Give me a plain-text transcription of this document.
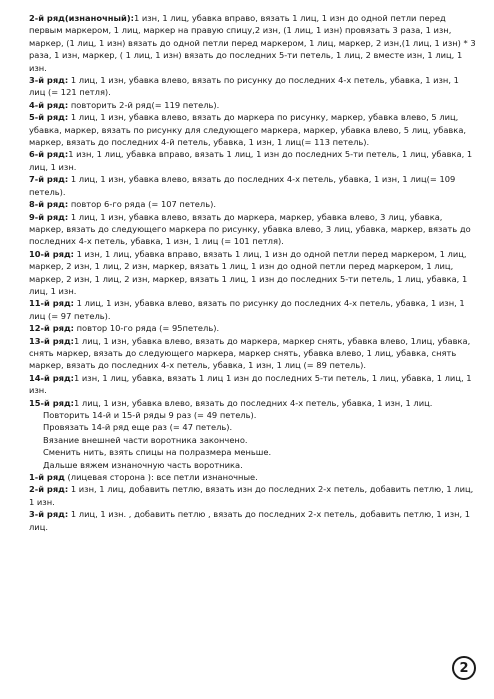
2-й ряд(изнаночный):1 изн, 1 лиц, убавка вправо, вязать 1 лиц, 1 изн до одной петли перед первым маркером, 1 лиц, маркер на правую спицу,2 изн, (1 лиц, 1 изн) провязать 3 раза, 1 изн, маркер, (1 лиц, 1 изн) вязать до одной петли перед маркером, 1 лиц, маркер, 2 изн,(1 лиц, 1 изн) * 3 раза, 1 изн, маркер, ( 1 лиц, 1 изн) вязать до последних 5-ти петель, 1 лиц, 2 вместе изн, 1 лиц, 1 изн.

3-й ряд: 1 лиц, 1 изн, убавка влево, вязать по рисунку до последних 4-х петель, убавка, 1 изн, 1 лиц (= 121 петля).

4-й ряд: повторить 2-й ряд(= 119 петель).

5-й ряд: 1 лиц, 1 изн, убавка влево, вязать до маркера по рисунку, маркер, убавка влево, 5 лиц, убавка, маркер, вязать по рисунку для следующего маркера, маркер, убавка влево, 5 лиц, убавка, маркер, вязать до последних 4-й петель, убавка, 1 изн, 1 лиц(= 113 петель).

6-й ряд:1 изн, 1 лиц, убавка вправо, вязать 1 лиц, 1 изн до последних 5-ти петель, 1 лиц, убавка, 1 лиц, 1 изн.

7-й ряд: 1 лиц, 1 изн, убавка влево, вязать до последних 4-х петель, убавка, 1 изн, 1 лиц(= 109 петель).

8-й ряд: повтор 6-го ряда (= 107 петель).

9-й ряд: 1 лиц, 1 изн, убавка влево, вязать до маркера, маркер, убавка влево, 3 лиц, убавка, маркер, вязать до следующего маркера по рисунку, убавка влево, 3 лиц, убавка, маркер, вязать до последних 4-х петель, убавка, 1 изн, 1 лиц (= 101 петля).

10-й ряд: 1 изн, 1 лиц, убавка вправо, вязать 1 лиц, 1 изн до одной петли перед маркером, 1 лиц, маркер, 2 изн, 1 лиц, 2 изн, маркер, вязать 1 лиц, 1 изн до одной петли перед маркером, 1 лиц, маркер, 2 изн, 1 лиц, 2 изн, маркер, вязать 1 лиц, 1 изн до последних 5-ти петель, 1 лиц, убавка, 1 лиц, 1 изн.

11-й ряд: 1 лиц, 1 изн, убавка влево, вязать по рисунку до последних 4-х петель, убавка, 1 изн, 1 лиц (= 97 петель).

12-й ряд: повтор 10-го ряда (= 95петель).

13-й ряд:1 лиц, 1 изн, убавка влево, вязать до маркера, маркер снять, убавка влево, 1лиц, убавка, снять маркер, вязать до следующего маркера, маркер снять, убавка влево, 1 лиц, убавка, снять маркер, вязать до последних 4-х петель, убавка, 1 изн, 1 лиц (= 89 петель).

14-й ряд:1 изн, 1 лиц, убавка, вязать 1 лиц 1 изн до последних 5-ти петель, 1 лиц, убавка, 1 лиц, 1 изн.

15-й ряд:1 лиц, 1 изн, убавка влево, вязать до последних 4-х петель, убавка, 1 изн, 1 лиц.

Повторить 14-й и 15-й ряды 9 раз (= 49 петель).

Провязать 14-й ряд еще раз (= 47 петель).

Вязание внешней части воротника закончено.

Сменить нить, взять спицы на полразмера меньше.

Дальше вяжем изнаночную часть воротника.

1-й ряд (лицевая сторона ): все петли изнаночные.

2-й ряд: 1 изн, 1 лиц, добавить петлю, вязать изн до последних 2-х петель, добавить петлю, 1 лиц, 1 изн.

3-й ряд: 1 лиц, 1 изн. , добавить петлю , вязать до последних 2-х петель, добавить петлю, 1 изн, 1 лиц.

2
